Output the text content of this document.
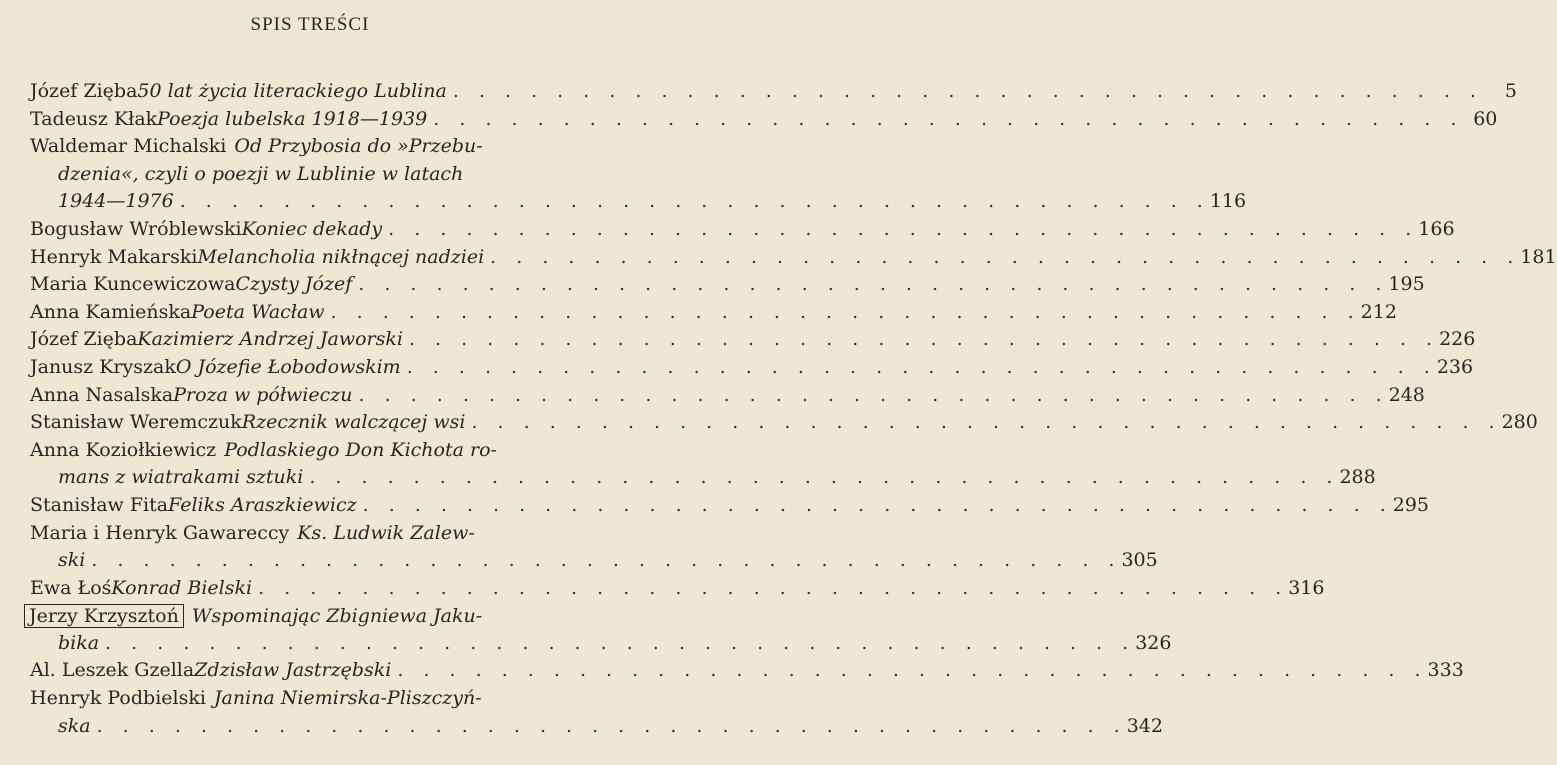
SPIS TREŚCI
Józef Zięba 50 lat życia literackiego Lublina . . . . . . . . . . . . . . . . . . . . . . . . . . . . . . . . . . . . . . . .	5
Tadeusz Kłak Poezja lubelska 1918—1939 . . . . . . . . . . . . . . . . . . . . . . . . . . . . . . . . . . . . . . . . 60
Waldemar Michalski Od Przybosia do »Przebu-
dzenia«, czyli o poezji w Lublinie w latach
1944—1976 . . . . . . . . . . . . . . . . . . . . . . . . . . . . . . . . . . . . . . . . 116
Bogusław Wróblewski Koniec dekady . . . . . . . . . . . . . . . . . . . . . . . . . . . . . . . . . . . . . . . . 166
Henryk Makarski Melancholia nikłnącej nadziei . . . . . . . . . . . . . . . . . . . . . . . . . . . . . . . . . . . . . . . . 181
Maria Kuncewiczowa Czysty Józef . . . . . . . . . . . . . . . . . . . . . . . . . . . . . . . . . . . . . . . . 195
Anna Kamieńska Poeta Wacław . . . . . . . . . . . . . . . . . . . . . . . . . . . . . . . . . . . . . . . . 212
Józef Zięba Kazimierz Andrzej Jaworski . . . . . . . . . . . . . . . . . . . . . . . . . . . . . . . . . . . . . . . . 226
Janusz Kryszak O Józefie Łobodowskim . . . . . . . . . . . . . . . . . . . . . . . . . . . . . . . . . . . . . . . . 236
Anna Nasalska Proza w półwieczu . . . . . . . . . . . . . . . . . . . . . . . . . . . . . . . . . . . . . . . . 248
Stanisław Weremczuk Rzecznik walczącej wsi . . . . . . . . . . . . . . . . . . . . . . . . . . . . . . . . . . . . . . . . 280
Anna Koziołkiewicz Podlaskiego Don Kichota ro-
mans z wiatrakami sztuki . . . . . . . . . . . . . . . . . . . . . . . . . . . . . . . . . . . . . . . . 288
Stanisław Fita Feliks Araszkiewicz . . . . . . . . . . . . . . . . . . . . . . . . . . . . . . . . . . . . . . . . 295
Maria i Henryk Gawareccy Ks. Ludwik Zalew-
ski . . . . . . . . . . . . . . . . . . . . . . . . . . . . . . . . . . . . . . . . 305
Ewa Łoś Konrad Bielski . . . . . . . . . . . . . . . . . . . . . . . . . . . . . . . . . . . . . . . . 316
Jerzy Krzysztoń Wspominając Zbigniewa Jaku-
bika . . . . . . . . . . . . . . . . . . . . . . . . . . . . . . . . . . . . . . . . 326
Al. Leszek Gzella Zdzisław Jastrzębski . . . . . . . . . . . . . . . . . . . . . . . . . . . . . . . . . . . . . . . . 333
Henryk Podbielski Janina Niemirska-Pliszczyń-
ska . . . . . . . . . . . . . . . . . . . . . . . . . . . . . . . . . . . . . . . . 342
